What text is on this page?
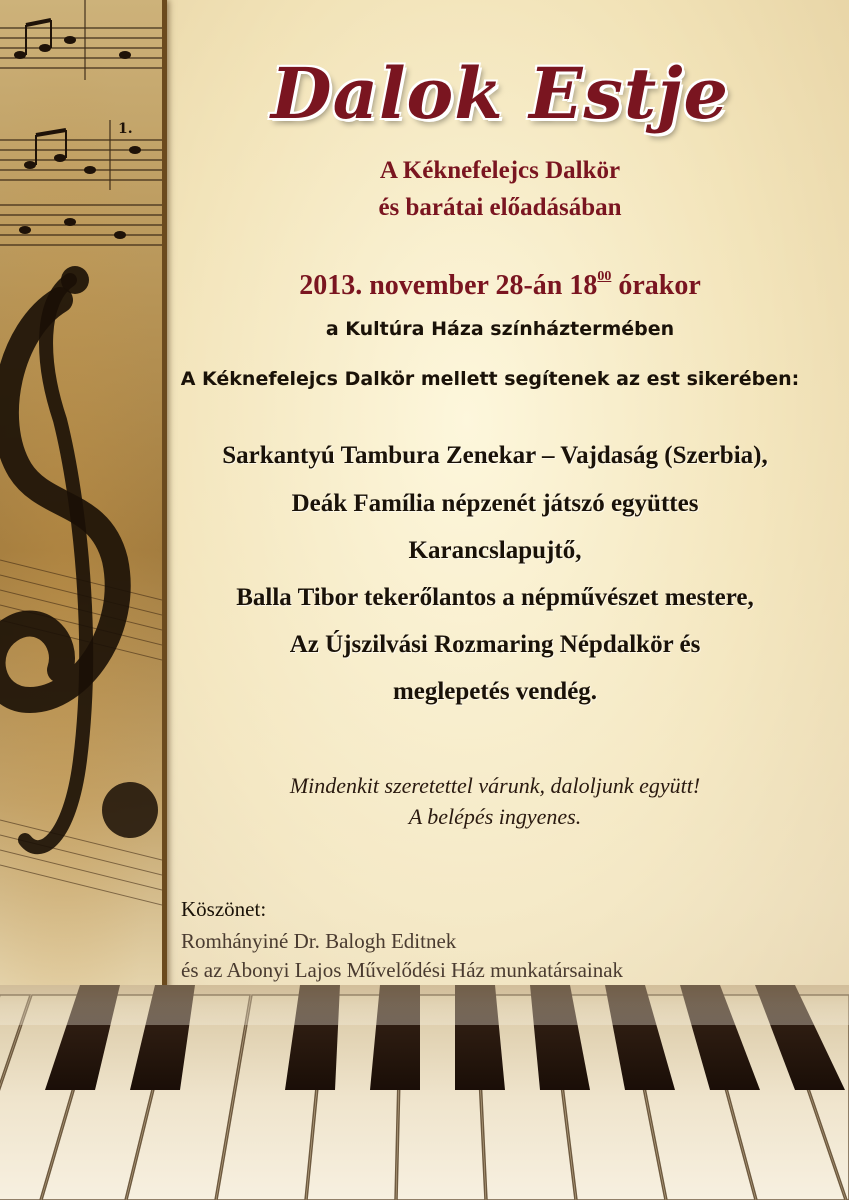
1.	Dalok Estje
A Kéknefelejcs Dalkör
és barátai előadásában
2013. november 28-án $18^{00}$ órakor
a Kultúra Háza színháztermében
A Kéknefelejcs Dalkör mellett segítenek az est sikerében:
Sarkantyú Tambura Zenekar – Vajdaság (Szerbia),
Deák Família népzenét játszó együttes
Karancslapujtő,
Balla Tibor tekerőlantos a népművészet mestere,
Az Újszilvási Rozmaring Népdalkör és
meglepetés vendég.
Mindenkit szeretettel várunk, daloljunk együtt!
A belépés ingyenes.
Köszönet:
Romhányiné Dr. Balogh Editnek
és az Abonyi Lajos Művelődési Ház munkatársainak
